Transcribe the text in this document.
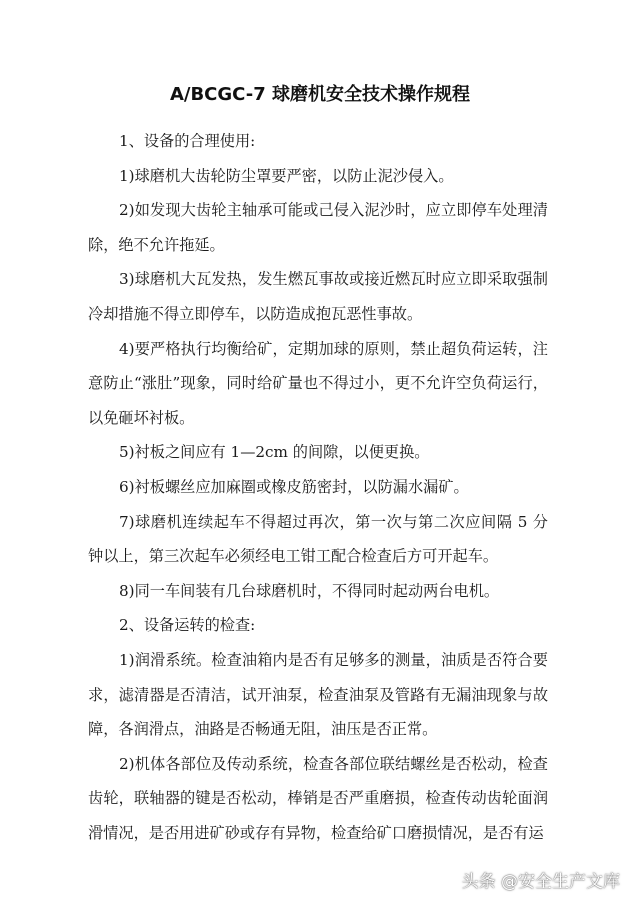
A/BCGC-7 球磨机安全技术操作规程

1、设备的合理使用:

1)球磨机大齿轮防尘罩要严密，以防止泥沙侵入。

2)如发现大齿轮主轴承可能或己侵入泥沙时，应立即停车处理清除，绝不允许拖延。

3)球磨机大瓦发热，发生燃瓦事故或接近燃瓦时应立即采取强制冷却措施不得立即停车，以防造成抱瓦恶性事故。

4)要严格执行均衡给矿，定期加球的原则，禁止超负荷运转，注意防止“涨肚”现象，同时给矿量也不得过小，更不允许空负荷运行，以免砸坏衬板。

5)衬板之间应有 1—2cm 的间隙，以便更换。

6)衬板螺丝应加麻圈或橡皮筋密封，以防漏水漏矿。

7)球磨机连续起车不得超过再次，第一次与第二次应间隔 5 分钟以上，第三次起车必须经电工钳工配合检查后方可开起车。

8)同一车间装有几台球磨机时，不得同时起动两台电机。

2、设备运转的检查:

1)润滑系统。检查油箱内是否有足够多的测量，油质是否符合要求，滤清器是否清洁，试开油泵，检查油泵及管路有无漏油现象与故障，各润滑点，油路是否畅通无阻，油压是否正常。

2)机体各部位及传动系统，检查各部位联结螺丝是否松动，检查齿轮，联轴器的键是否松动，棒销是否严重磨损，检查传动齿轮面润滑情况，是否用进矿砂或存有异物，检查给矿口磨损情况，是否有运

头条 @安全生产文库
